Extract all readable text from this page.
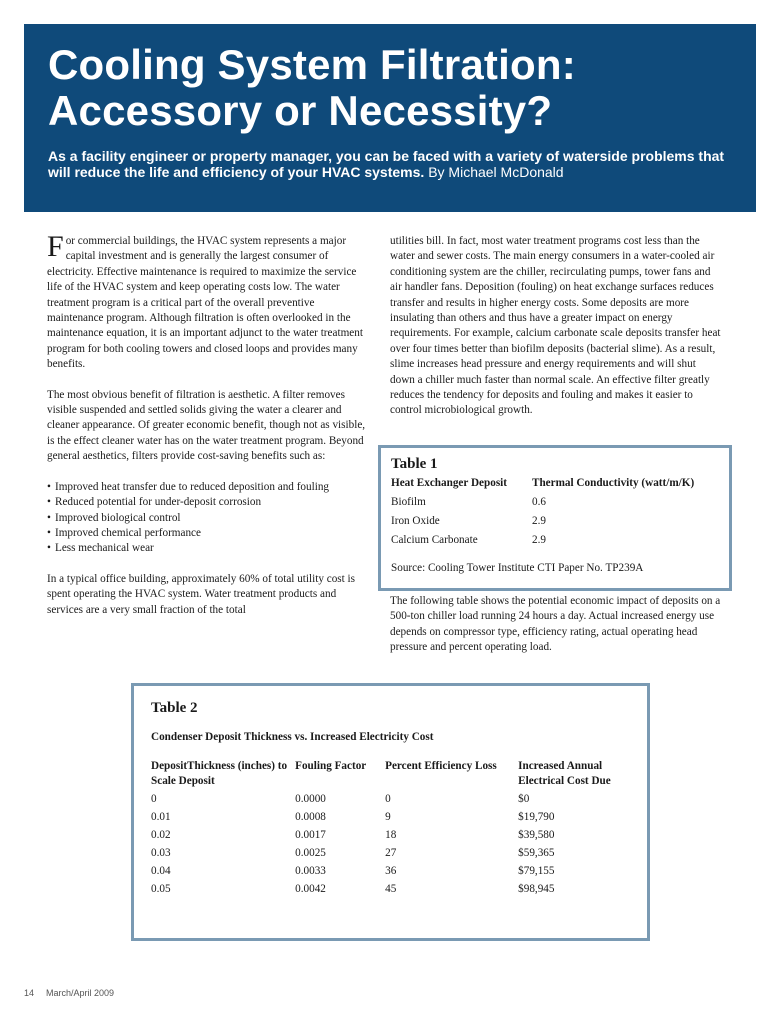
Cooling System Filtration:
Accessory or Necessity?
As a facility engineer or property manager, you can be faced with a variety of waterside problems that will reduce the life and efficiency of your HVAC systems. By Michael McDonald

For commercial buildings, the HVAC system represents a major capital investment and is generally the largest consumer of electricity. Effective maintenance is required to maximize the service life of the HVAC system and keep operating costs low. The water treatment program is a critical part of the overall preventive maintenance program. Although filtration is often overlooked in the maintenance equation, it is an important adjunct to the water treatment program for both cooling towers and closed loops and provides many benefits.

The most obvious benefit of filtration is aesthetic. A filter removes visible suspended and settled solids giving the water a clearer and cleaner appearance. Of greater economic benefit, though not as visible, is the effect cleaner water has on the water treatment program. Beyond general aesthetics, filters provide cost-saving benefits such as:

• Improved heat transfer due to reduced deposition and fouling
• Reduced potential for under-deposit corrosion
• Improved biological control
• Improved chemical performance
• Less mechanical wear

In a typical office building, approximately 60% of total utility cost is spent operating the HVAC system. Water treatment products and services are a very small fraction of the total

utilities bill. In fact, most water treatment programs cost less than the water and sewer costs. The main energy consumers in a water-cooled air conditioning system are the chiller, recirculating pumps, tower fans and air handler fans. Deposition (fouling) on heat exchange surfaces reduces transfer and results in higher energy costs. Some deposits are more insulating than others and thus have a greater impact on energy requirements. For example, calcium carbonate scale deposits transfer heat over four times better than biofilm deposits (bacterial slime). As a result, slime increases head pressure and energy requirements and will shut down a chiller much faster than normal scale. An effective filter greatly reduces the tendency for deposits and fouling and makes it easier to control microbiological growth.

Table 1
Heat Exchanger Deposit	Thermal Conductivity (watt/m/K)
Biofilm	0.6
Iron Oxide	2.9
Calcium Carbonate	2.9
Source: Cooling Tower Institute CTI Paper No. TP239A

The following table shows the potential economic impact of deposits on a 500-ton chiller load running 24 hours a day. Actual increased energy use depends on compressor type, efficiency rating, actual operating head pressure and percent operating load.

Table 2
Condenser Deposit Thickness vs. Increased Electricity Cost
DepositThickness (inches) to Scale Deposit	Fouling Factor	Percent Efficiency Loss	Increased Annual Electrical Cost Due
0	0.0000	0	$0
0.01	0.0008	9	$19,790
0.02	0.0017	18	$39,580
0.03	0.0025	27	$59,365
0.04	0.0033	36	$79,155
0.05	0.0042	45	$98,945
14 March/April 2009
